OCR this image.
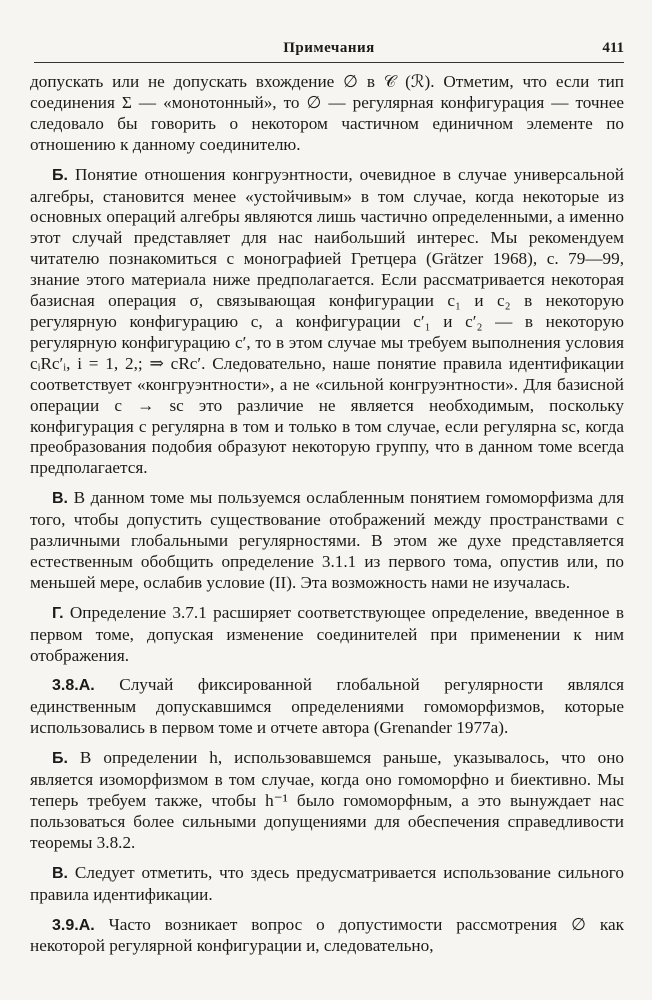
Примечания	411

допускать или не допускать вхождение ∅ в 𝒞 (ℛ). Отметим, что если тип соединения Σ — «монотонный», то ∅ — регулярная конфигурация — точнее следовало бы говорить о некотором частичном единичном элементе по отношению к данному соединителю.

Б. Понятие отношения конгруэнтности, очевидное в случае универсальной алгебры, становится менее «устойчивым» в том случае, когда некоторые из основных операций алгебры являются лишь частично определенными, а именно этот случай представляет для нас наибольший интерес. Мы рекомендуем читателю познакомиться с монографией Гретцера (Grätzer 1968), с. 79—99, знание этого материала ниже предполагается. Если рассматривается некоторая базисная операция σ, связывающая конфигурации c₁ и c₂ в некоторую регулярную конфигурацию c, а конфигурации c′₁ и c′₂ — в некоторую регулярную конфигурацию c′, то в этом случае мы требуем выполнения условия cᵢRc′ᵢ, i = 1, 2,; ⇒ cRc′. Следовательно, наше понятие правила идентификации соответствует «конгруэнтности», а не «сильной конгруэнтности». Для базисной операции c → sc это различие не является необходимым, поскольку конфигурация c регулярна в том и только в том случае, если регулярна sc, когда преобразования подобия образуют некоторую группу, что в данном томе всегда предполагается.

В. В данном томе мы пользуемся ослабленным понятием гомоморфизма для того, чтобы допустить существование отображений между пространствами с различными глобальными регулярностями. В этом же духе представляется естественным обобщить определение 3.1.1 из первого тома, опустив или, по меньшей мере, ослабив условие (II). Эта возможность нами не изучалась.

Г. Определение 3.7.1 расширяет соответствующее определение, введенное в первом томе, допуская изменение соединителей при применении к ним отображения.

3.8.А. Случай фиксированной глобальной регулярности являлся единственным допускавшимся определениями гомоморфизмов, которые использовались в первом томе и отчете автора (Grenander 1977a).

Б. В определении h, использовавшемся раньше, указывалось, что оно является изоморфизмом в том случае, когда оно гомоморфно и биективно. Мы теперь требуем также, чтобы h⁻¹ было гомоморфным, а это вынуждает нас пользоваться более сильными допущениями для обеспечения справедливости теоремы 3.8.2.

В. Следует отметить, что здесь предусматривается использование сильного правила идентификации.

3.9.А. Часто возникает вопрос о допустимости рассмотрения ∅ как некоторой регулярной конфигурации и, следовательно,
